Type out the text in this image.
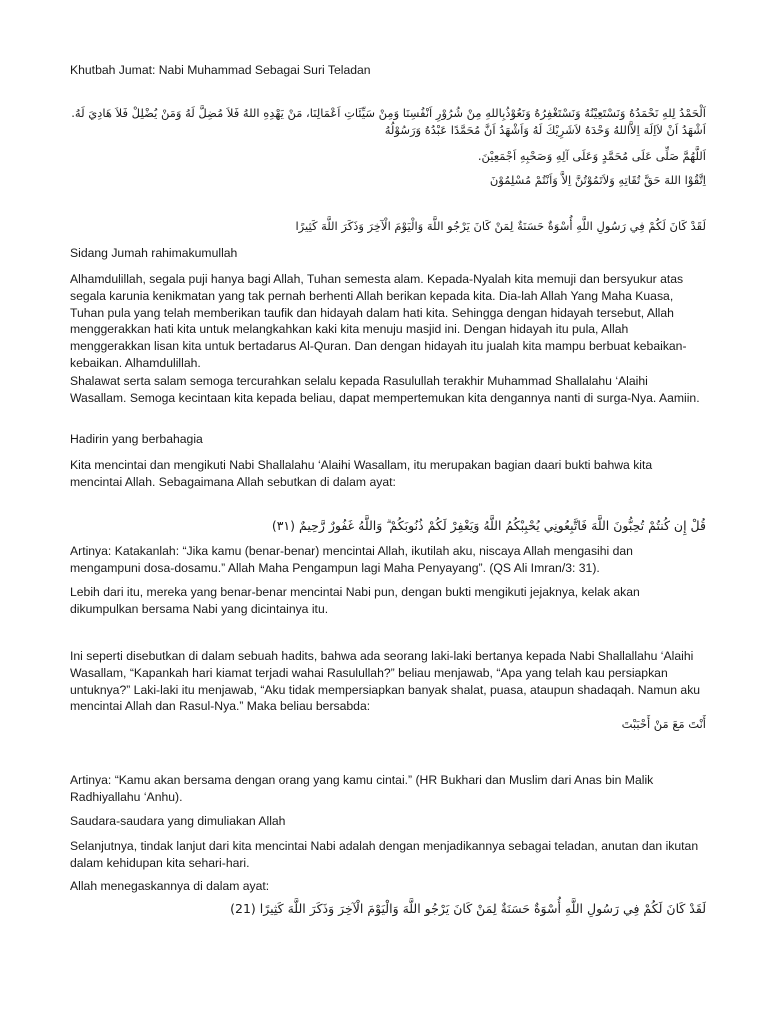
Khutbah Jumat: Nabi Muhammad Sebagai Suri Teladan

اَلْحَمْدُ لِلهِ نَحْمَدُهُ وَنَسْتَعِيْنُهُ وَنَسْتَغْفِرُهُ وَنَعُوْذُبِاللهِ مِنْ شُرُوْرِ اَنْفُسِنَا وَمِنْ سَيِّئَاتِ اَعْمَالِنَا، مَنْ يَهْدِهِ اللهُ فَلاَ مُضِلَّ لَهُ وَمَنْ يُضْلِلْ فَلاَ هَادِيَ لَهُ. اَشْهَدُ اَنْ لاَاِلَهَ اِلاَّاللهُ وَحْدَهُ لاَشَرِيْكَ لَهُ وَاَشْهَدُ اَنَّ مُحَمَّدًا عَبْدُهُ وَرَسُوْلُهُ

اَللَّهُمَّ صَلِّى عَلَى مُحَمَّدٍ وَعَلَى آلِهِ وَصَحْبِهِ اَجْمَعِيْنَ.

اِتَّقُوْا اللهَ حَقَّ تُقَاتِهِ وَلاَتَمُوْتُنَّ اِلاَّ وَاَنْتُمْ مُسْلِمُوْنَ

لَقَدْ كَانَ لَكُمْ فِي رَسُولِ اللَّهِ أُسْوَةٌ حَسَنَةٌ لِمَنْ كَانَ يَرْجُو اللَّهَ وَالْيَوْمَ الْآخِرَ وَذَكَرَ اللَّهَ كَثِيرًا

Sidang Jumah rahimakumullah

Alhamdulillah, segala puji hanya bagi Allah, Tuhan semesta alam. Kepada-Nyalah kita memuji dan bersyukur atas segala karunia kenikmatan yang tak pernah berhenti Allah berikan kepada kita. Dia-lah Allah Yang Maha Kuasa, Tuhan pula yang telah memberikan taufik dan hidayah dalam hati kita. Sehingga dengan hidayah tersebut, Allah menggerakkan hati kita untuk melangkahkan kaki kita menuju masjid ini. Dengan hidayah itu pula, Allah menggerakkan lisan kita untuk bertadarus Al-Quran. Dan dengan hidayah itu jualah kita mampu berbuat kebaikan-kebaikan. Alhamdulillah.

Shalawat serta salam semoga tercurahkan selalu kepada Rasulullah terakhir Muhammad Shallalahu ‘Alaihi Wasallam. Semoga kecintaan kita kepada beliau, dapat mempertemukan kita dengannya nanti di surga-Nya. Aamiin.

Hadirin yang berbahagia

Kita mencintai dan mengikuti Nabi Shallalahu ‘Alaihi Wasallam, itu merupakan bagian daari bukti bahwa kita mencintai Allah. Sebagaimana Allah sebutkan di dalam ayat:

قُلْ إِن كُنتُمْ تُحِبُّونَ اللَّهَ فَاتَّبِعُونِي يُحْبِبْكُمُ اللَّهُ وَيَغْفِرْ لَكُمْ ذُنُوبَكُمْ ۗ وَاللَّهُ غَفُورٌ رَّحِيمٌ (٣١)

Artinya: Katakanlah: “Jika kamu (benar-benar) mencintai Allah, ikutilah aku, niscaya Allah mengasihi dan mengampuni dosa-dosamu.” Allah Maha Pengampun lagi Maha Penyayang”. (QS Ali Imran/3: 31).

Lebih dari itu, mereka yang benar-benar mencintai Nabi pun, dengan bukti mengikuti jejaknya, kelak akan dikumpulkan bersama Nabi yang dicintainya itu.

Ini seperti disebutkan di dalam sebuah hadits, bahwa ada seorang laki-laki bertanya kepada Nabi Shallallahu ‘Alaihi Wasallam, “Kapankah hari kiamat terjadi wahai Rasulullah?” beliau menjawab, “Apa yang telah kau persiapkan untuknya?” Laki-laki itu menjawab, “Aku tidak mempersiapkan banyak shalat, puasa, ataupun shadaqah. Namun aku mencintai Allah dan Rasul-Nya.” Maka beliau bersabda:

أَنْتَ مَعَ مَنْ أَحْبَبْتَ

Artinya: “Kamu akan bersama dengan orang yang kamu cintai.” (HR Bukhari dan Muslim dari Anas bin Malik Radhiyallahu ‘Anhu).

Saudara-saudara yang dimuliakan Allah

Selanjutnya, tindak lanjut dari kita mencintai Nabi adalah dengan menjadikannya sebagai teladan, anutan dan ikutan dalam kehidupan kita sehari-hari.

Allah menegaskannya di dalam ayat:

لَقَدْ كَانَ لَكُمْ فِي رَسُولِ اللَّهِ أُسْوَةٌ حَسَنَةٌ لِمَنْ كَانَ يَرْجُو اللَّهَ وَالْيَوْمَ الْآخِرَ وَذَكَرَ اللَّهَ كَثِيرًا (21)
